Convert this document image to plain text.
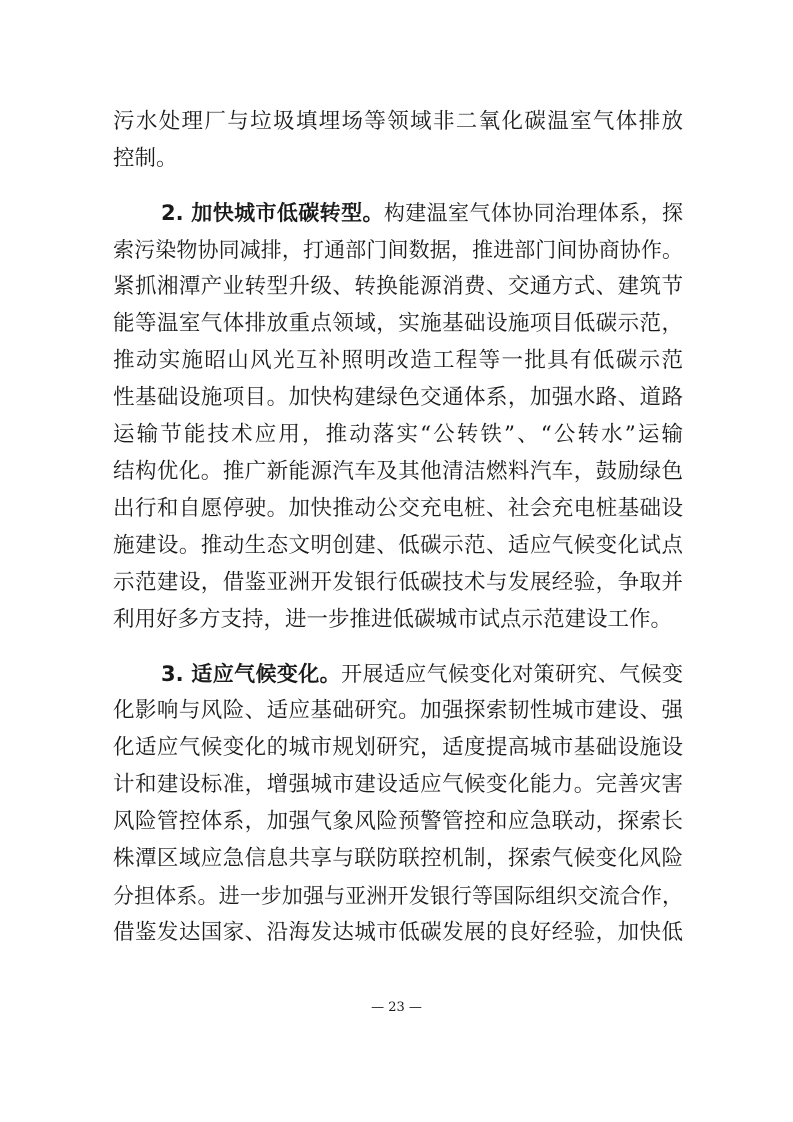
污水处理厂与垃圾填埋场等领域非二氧化碳温室气体排放
控制。
2. 加快城市低碳转型。构建温室气体协同治理体系，探
索污染物协同减排，打通部门间数据，推进部门间协商协作。
紧抓湘潭产业转型升级、转换能源消费、交通方式、建筑节
能等温室气体排放重点领域，实施基础设施项目低碳示范，
推动实施昭山风光互补照明改造工程等一批具有低碳示范
性基础设施项目。加快构建绿色交通体系，加强水路、道路
运输节能技术应用，推动落实“公转铁”、“公转水”运输
结构优化。推广新能源汽车及其他清洁燃料汽车，鼓励绿色
出行和自愿停驶。加快推动公交充电桩、社会充电桩基础设
施建设。推动生态文明创建、低碳示范、适应气候变化试点
示范建设，借鉴亚洲开发银行低碳技术与发展经验，争取并
利用好多方支持，进一步推进低碳城市试点示范建设工作。
3. 适应气候变化。开展适应气候变化对策研究、气候变
化影响与风险、适应基础研究。加强探索韧性城市建设、强
化适应气候变化的城市规划研究，适度提高城市基础设施设
计和建设标准，增强城市建设适应气候变化能力。完善灾害
风险管控体系，加强气象风险预警管控和应急联动，探索长
株潭区域应急信息共享与联防联控机制，探索气候变化风险
分担体系。进一步加强与亚洲开发银行等国际组织交流合作，
借鉴发达国家、沿海发达城市低碳发展的良好经验，加快低
— 23 —
